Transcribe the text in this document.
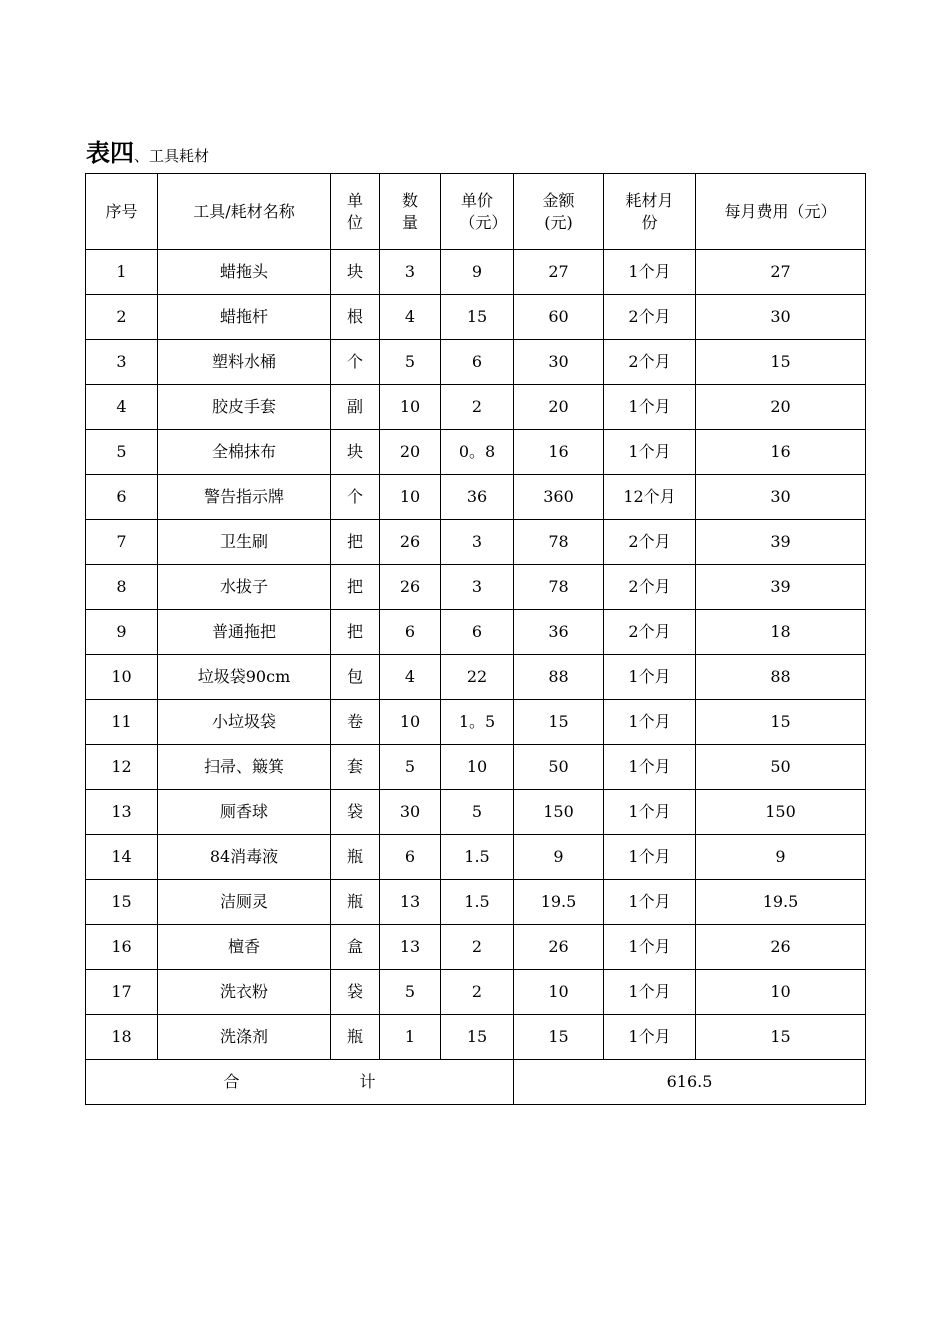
表四、工具耗材
序号	工具/耗材名称	单位	数量	单价（元）	金额(元)	耗材月份	每月费用（元）
1	蜡拖头	块	3	9	27	1个月	27
2	蜡拖杆	根	4	15	60	2个月	30
3	塑料水桶	个	5	6	30	2个月	15
4	胶皮手套	副	10	2	20	1个月	20
5	全棉抹布	块	20	0。8	16	1个月	16
6	警告指示牌	个	10	36	360	12个月	30
7	卫生刷	把	26	3	78	2个月	39
8	水拔子	把	26	3	78	2个月	39
9	普通拖把	把	6	6	36	2个月	18
10	垃圾袋90cm	包	4	22	88	1个月	88
11	小垃圾袋	卷	10	1。5	15	1个月	15
12	扫帚、簸箕	套	5	10	50	1个月	50
13	厕香球	袋	30	5	150	1个月	150
14	84消毒液	瓶	6	1.5	9	1个月	9
15	洁厕灵	瓶	13	1.5	19.5	1个月	19.5
16	檀香	盒	13	2	26	1个月	26
17	洗衣粉	袋	5	2	10	1个月	10
18	洗涤剂	瓶	1	15	15	1个月	15
合 计					616.5		
